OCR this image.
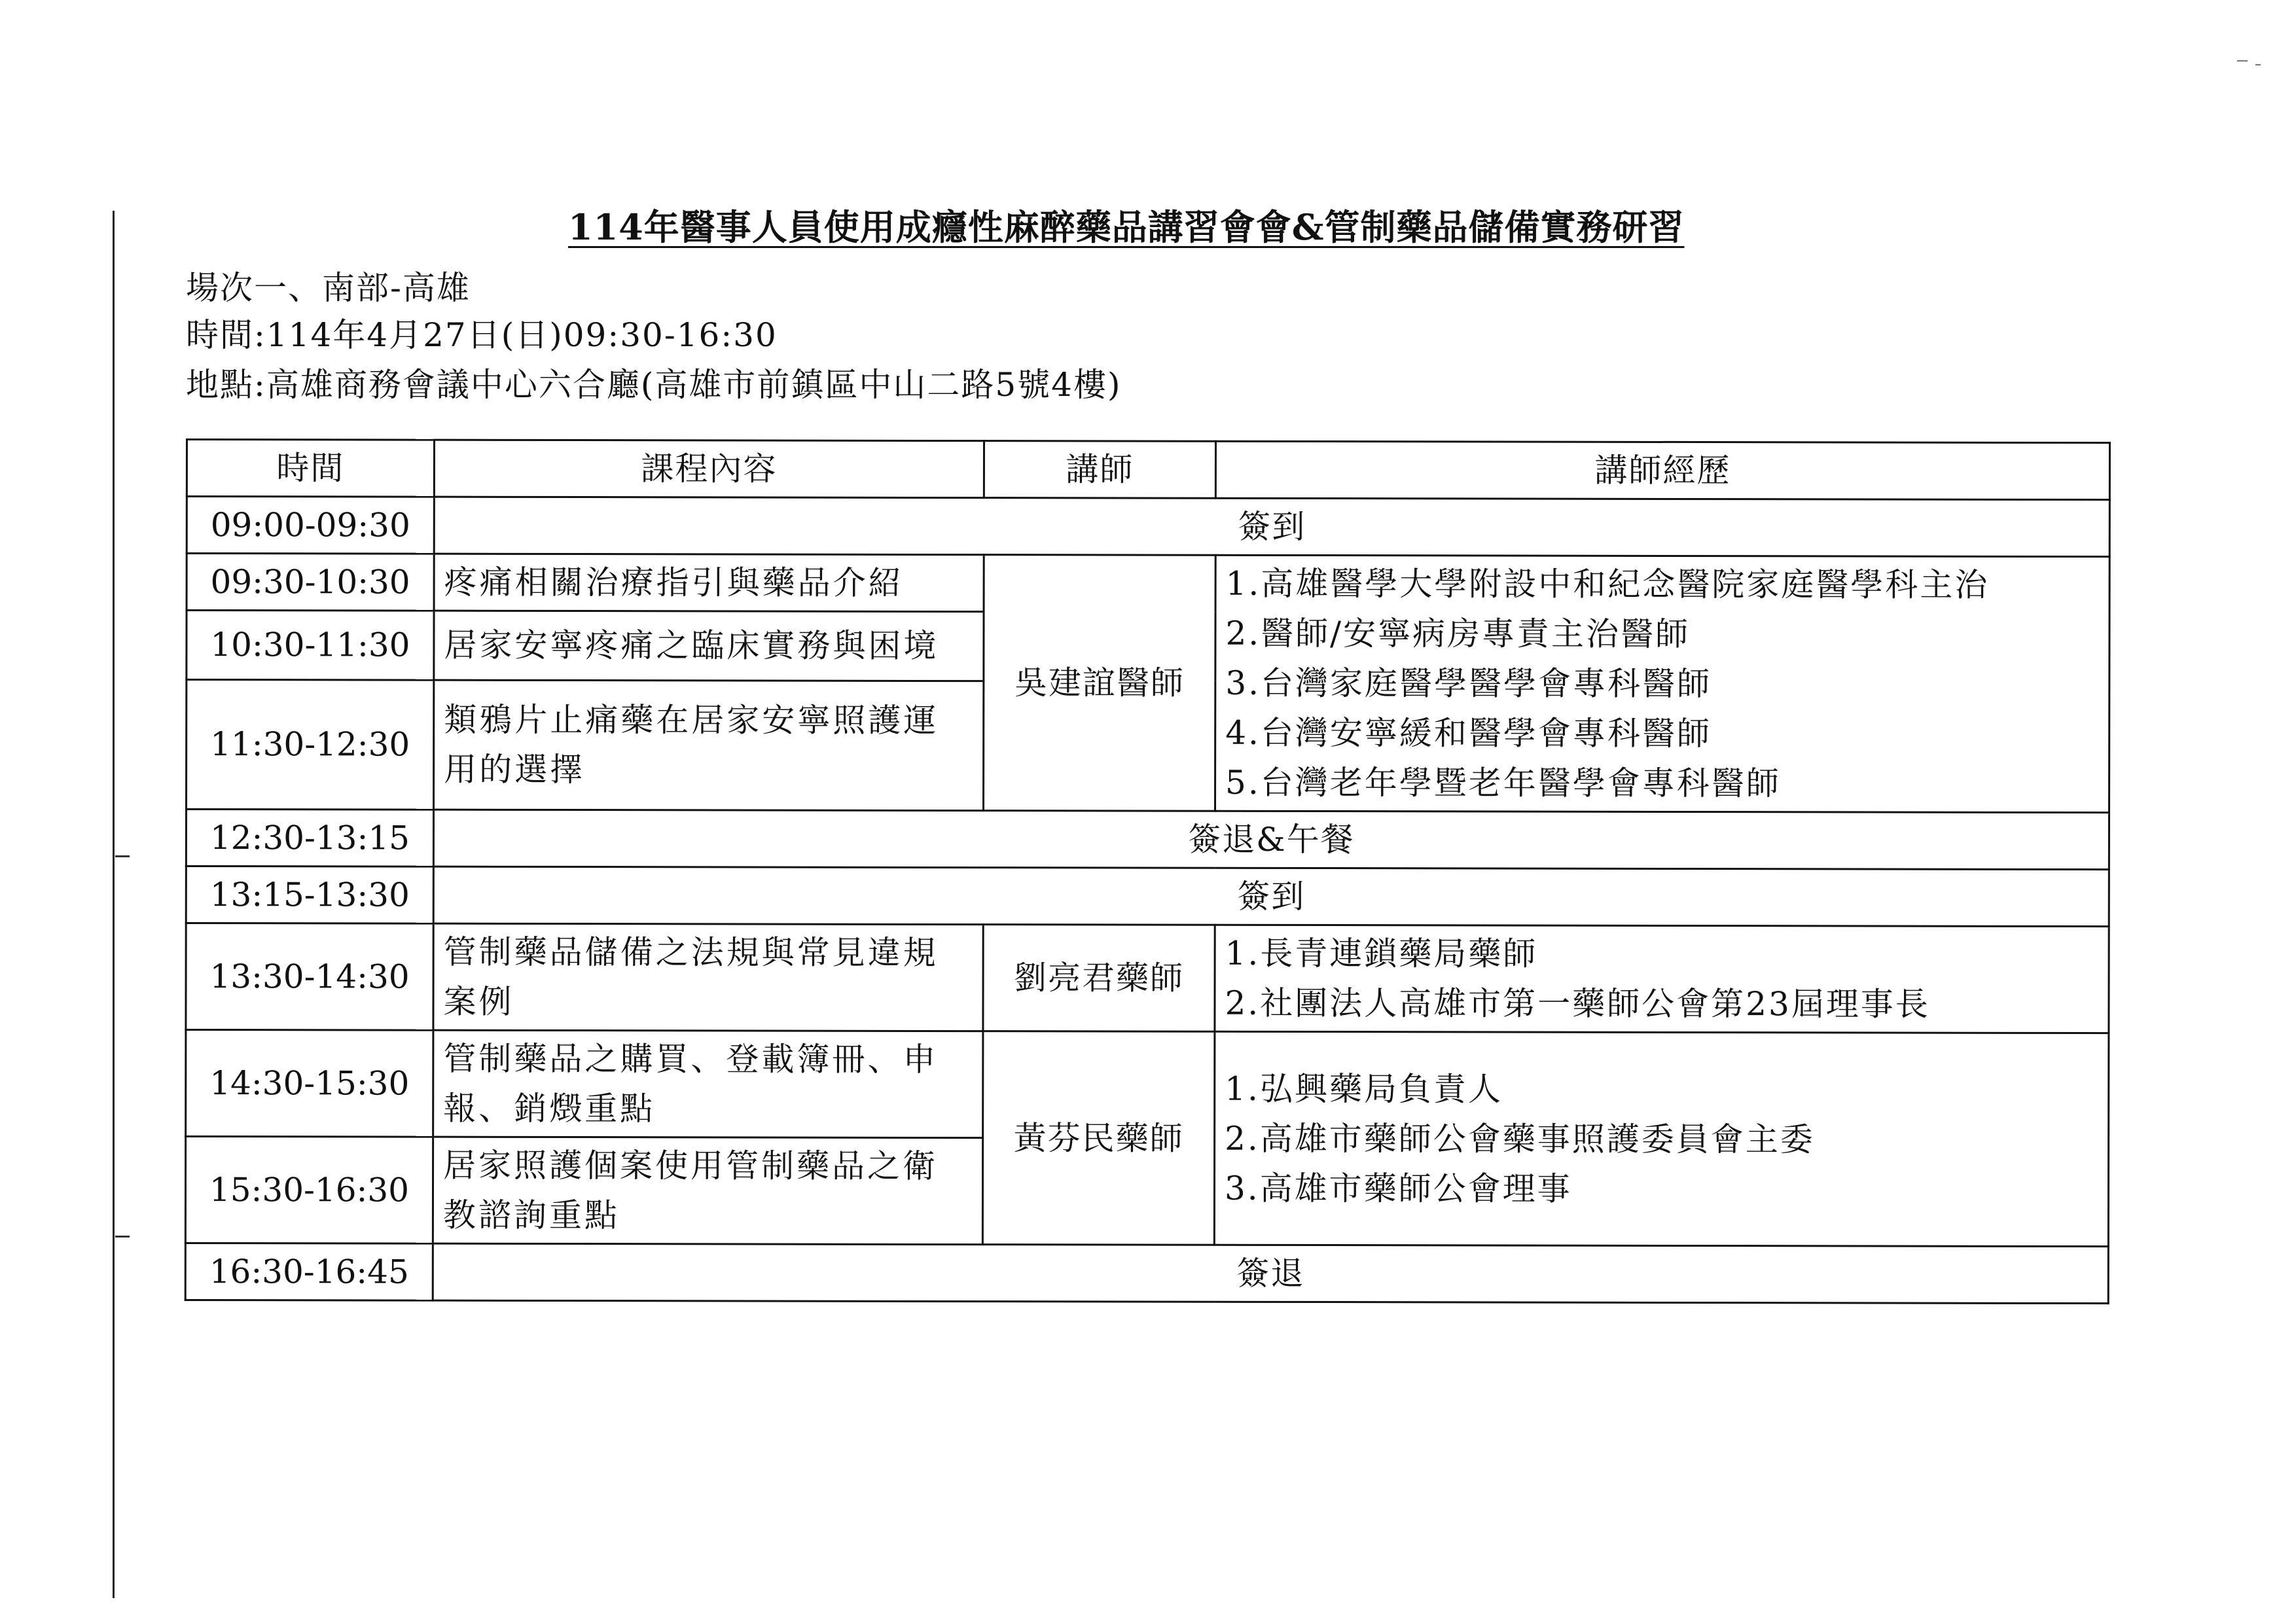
114年醫事人員使用成癮性麻醉藥品講習會會&管制藥品儲備實務研習
場次一、南部-高雄
時間:114年4月27日(日)09:30-16:30
地點:高雄商務會議中心六合廳(高雄市前鎮區中山二路5號4樓)
時間	課程內容	講師	講師經歷
09:00-09:30	簽到		
09:30-10:30	疼痛相關治療指引與藥品介紹	吳建誼醫師	1.高雄醫學大學附設中和紀念醫院家庭醫學科主治
2.醫師/安寧病房專責主治醫師
3.台灣家庭醫學醫學會專科醫師
4.台灣安寧緩和醫學會專科醫師
5.台灣老年學暨老年醫學會專科醫師

10:30-11:30	居家安寧疼痛之臨床實務與困境		
11:30-12:30	類鴉片止痛藥在居家安寧照護運用的選擇		
12:30-13:15	簽退&午餐		
13:15-13:30	簽到		
13:30-14:30	管制藥品儲備之法規與常見違規案例	劉亮君藥師	1.長青連鎖藥局藥師
2.社團法人高雄市第一藥師公會第23屆理事長

14:30-15:30	管制藥品之購買、登載簿冊、申報、銷燬重點	黃芬民藥師	1.弘興藥局負責人
2.高雄市藥師公會藥事照護委員會主委
3.高雄市藥師公會理事

15:30-16:30	居家照護個案使用管制藥品之衛教諮詢重點		
16:30-16:45	簽退		
